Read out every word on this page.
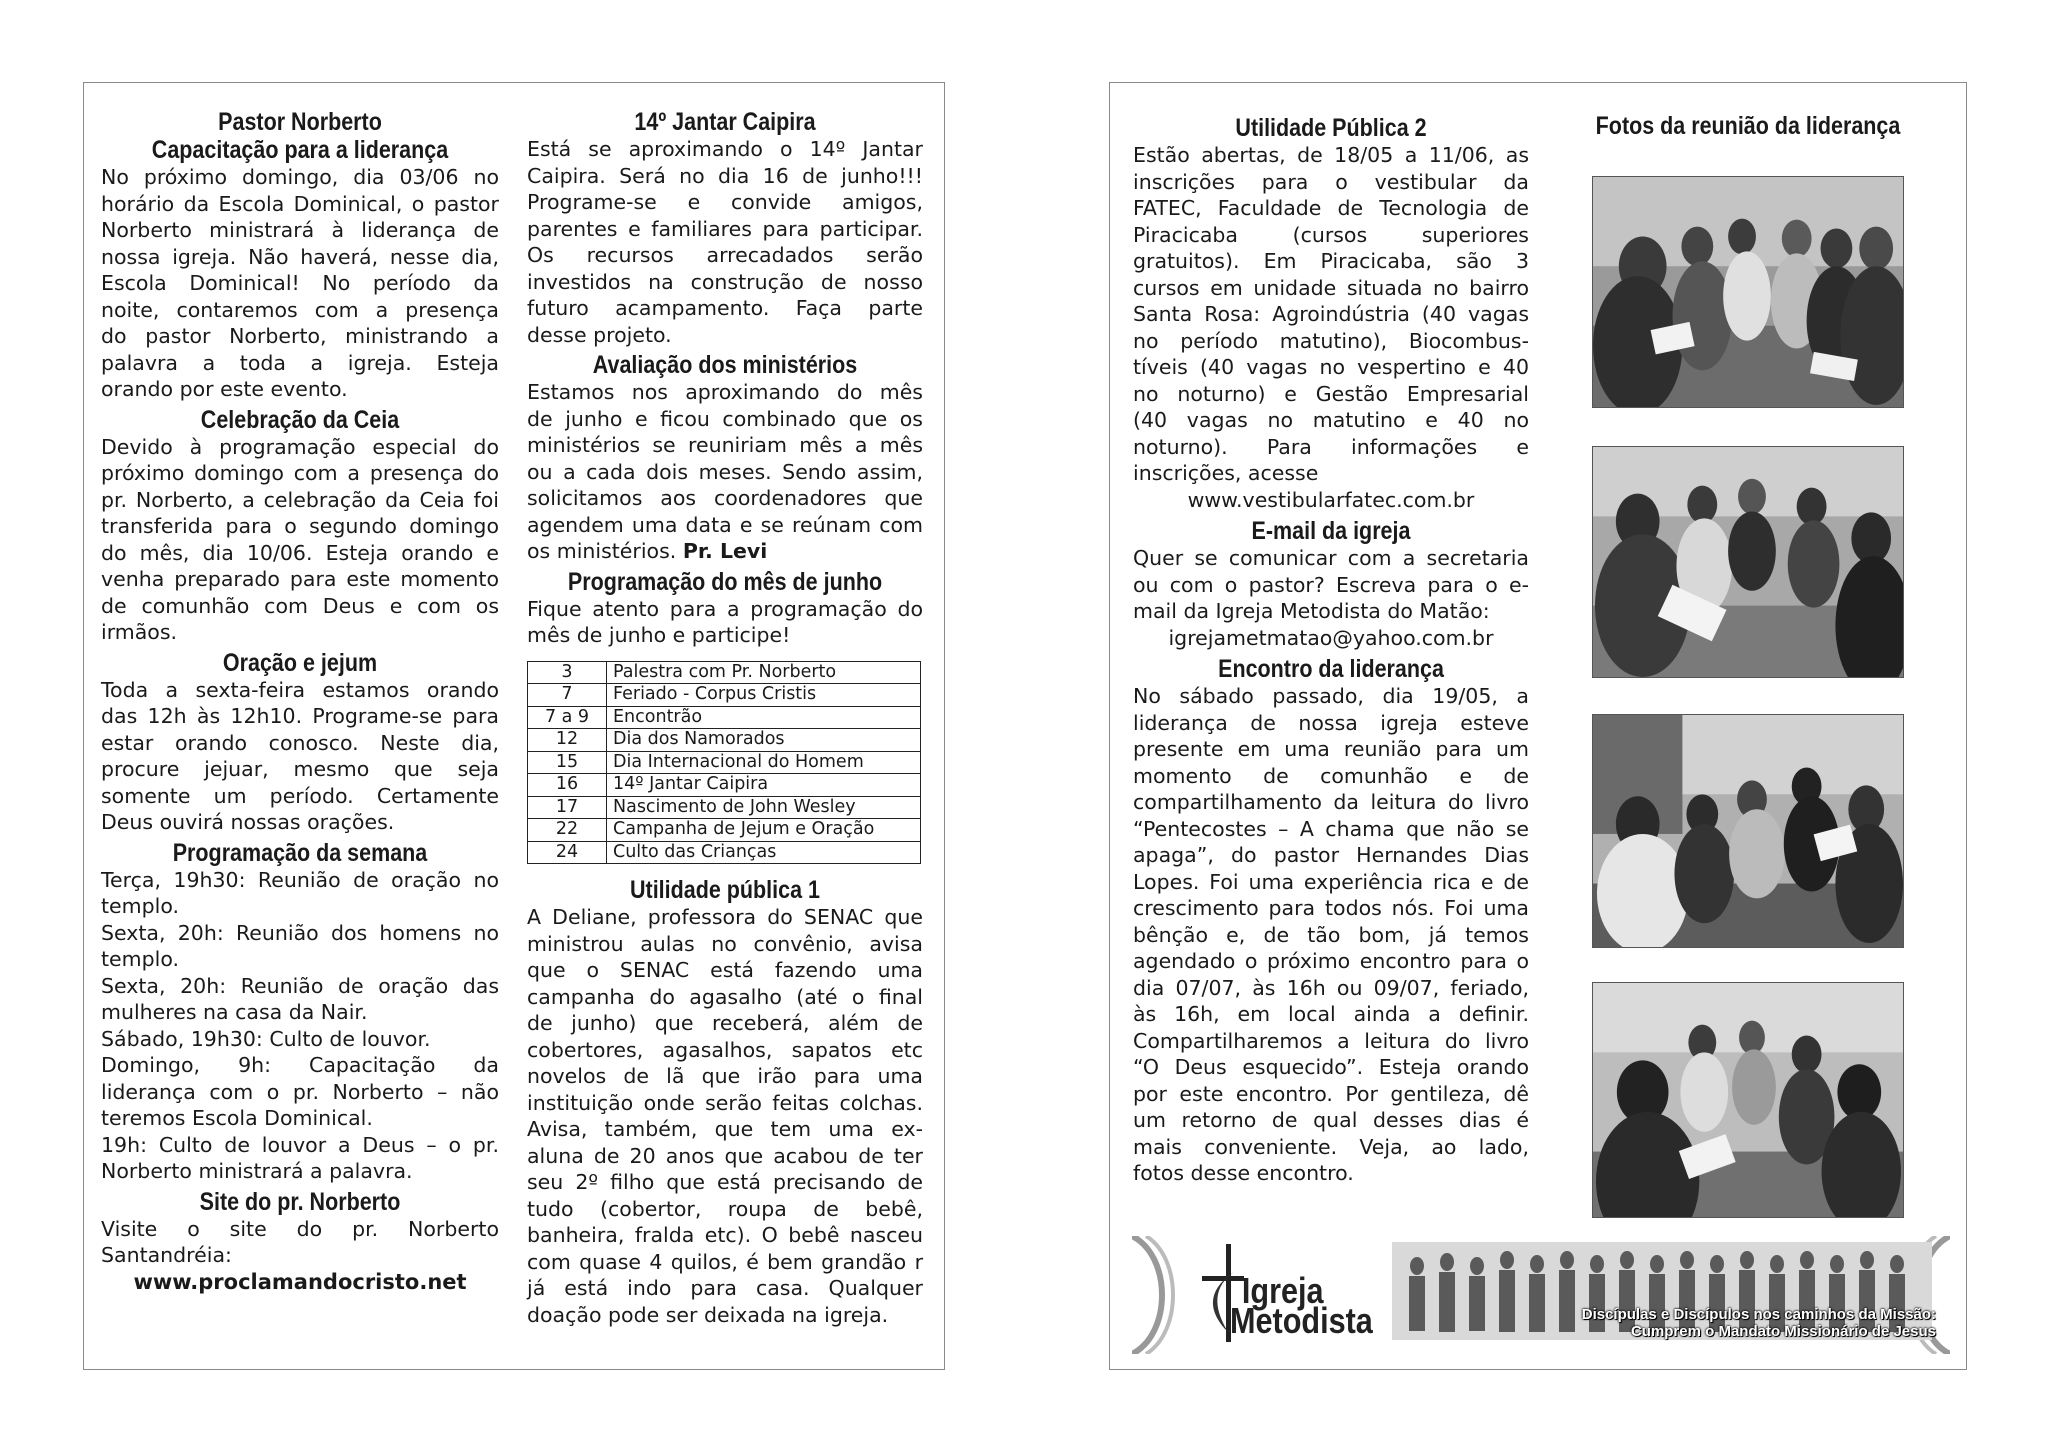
Pastor Norberto
Capacitação para a liderança
No próximo domingo, dia 03/06 no
horário da Escola Dominical, o pastor
Norberto ministrará à liderança de
nossa igreja. Não haverá, nesse dia,
Escola Dominical! No período da
noite, contaremos com a presença
do pastor Norberto, ministrando a
palavra a toda a igreja. Esteja
orando por este evento.
Celebração da Ceia
Devido à programação especial do
próximo domingo com a presença do
pr. Norberto, a celebração da Ceia foi
transferida para o segundo domingo
do mês, dia 10/06. Esteja orando e
venha preparado para este momento
de comunhão com Deus e com os
irmãos.
Oração e jejum
Toda a sexta-feira estamos orando
das 12h às 12h10. Programe-se para
estar orando conosco. Neste dia,
procure jejuar, mesmo que seja
somente um período. Certamente
Deus ouvirá nossas orações.
Programação da semana
Terça, 19h30: Reunião de oração no
templo.
Sexta, 20h: Reunião dos homens no
templo.
Sexta, 20h: Reunião de oração das
mulheres na casa da Nair.
Sábado, 19h30: Culto de louvor.
Domingo, 9h: Capacitação da
liderança com o pr. Norberto – não
teremos Escola Dominical.
19h: Culto de louvor a Deus – o pr.
Norberto ministrará a palavra.
Site do pr. Norberto
Visite o site do pr. Norberto
Santandréia:
www.proclamandocristo.net
14º Jantar Caipira
Está se aproximando o 14º Jantar
Caipira. Será no dia 16 de junho!!!
Programe-se e convide amigos,
parentes e familiares para participar.
Os recursos arrecadados serão
investidos na construção de nosso
futuro acampamento. Faça parte
desse projeto.
Avaliação dos ministérios
Estamos nos aproximando do mês
de junho e ficou combinado que os
ministérios se reuniriam mês a mês
ou a cada dois meses. Sendo assim,
solicitamos aos coordenadores que
agendem uma data e se reúnam com
os ministérios. Pr. Levi
Programação do mês de junho
Fique atento para a programação do
mês de junho e participe!
3	Palestra com Pr. Norberto
7	Feriado - Corpus Cristis
7 a 9	Encontrão
12	Dia dos Namorados
15	Dia Internacional do Homem
16	14º Jantar Caipira
17	Nascimento de John Wesley
22	Campanha de Jejum e Oração
24	Culto das Crianças
Utilidade pública 1
A Deliane, professora do SENAC que
ministrou aulas no convênio, avisa
que o SENAC está fazendo uma
campanha do agasalho (até o final
de junho) que receberá, além de
cobertores, agasalhos, sapatos etc
novelos de lã que irão para uma
instituição onde serão feitas colchas.
Avisa, também, que tem uma ex-
aluna de 20 anos que acabou de ter
seu 2º filho que está precisando de
tudo (cobertor, roupa de bebê,
banheira, fralda etc). O bebê nasceu
com quase 4 quilos, é bem grandão r
já está indo para casa. Qualquer
doação pode ser deixada na igreja.
Utilidade Pública 2
Estão abertas, de 18/05 a 11/06, as
inscrições para o vestibular da
FATEC, Faculdade de Tecnologia de
Piracicaba (cursos superiores
gratuitos). Em Piracicaba, são 3
cursos em unidade situada no bairro
Santa Rosa: Agroindústria (40 vagas
no período matutino), Biocombus-
tíveis (40 vagas no vespertino e 40
no noturno) e Gestão Empresarial
(40 vagas no matutino e 40 no
noturno). Para informações e
inscrições, acesse
www.vestibularfatec.com.br
E-mail da igreja
Quer se comunicar com a secretaria
ou com o pastor? Escreva para o e-
mail da Igreja Metodista do Matão:
igrejametmatao@yahoo.com.br
Encontro da liderança
No sábado passado, dia 19/05, a
liderança de nossa igreja esteve
presente em uma reunião para um
momento de comunhão e de
compartilhamento da leitura do livro
“Pentecostes – A chama que não se
apaga”, do pastor Hernandes Dias
Lopes. Foi uma experiência rica e de
crescimento para todos nós. Foi uma
bênção e, de tão bom, já temos
agendado o próximo encontro para o
dia 07/07, às 16h ou 09/07, feriado,
às 16h, em local ainda a definir.
Compartilharemos a leitura do livro
“O Deus esquecido”. Esteja orando
por este encontro. Por gentileza, dê
um retorno de qual desses dias é
mais conveniente. Veja, ao lado,
fotos desse encontro.
Fotos da reunião da liderança
Igreja
Metodista	Discípulas e Discípulos nos caminhos da Missão:
Cumprem o Mandato Missionário de Jesus
